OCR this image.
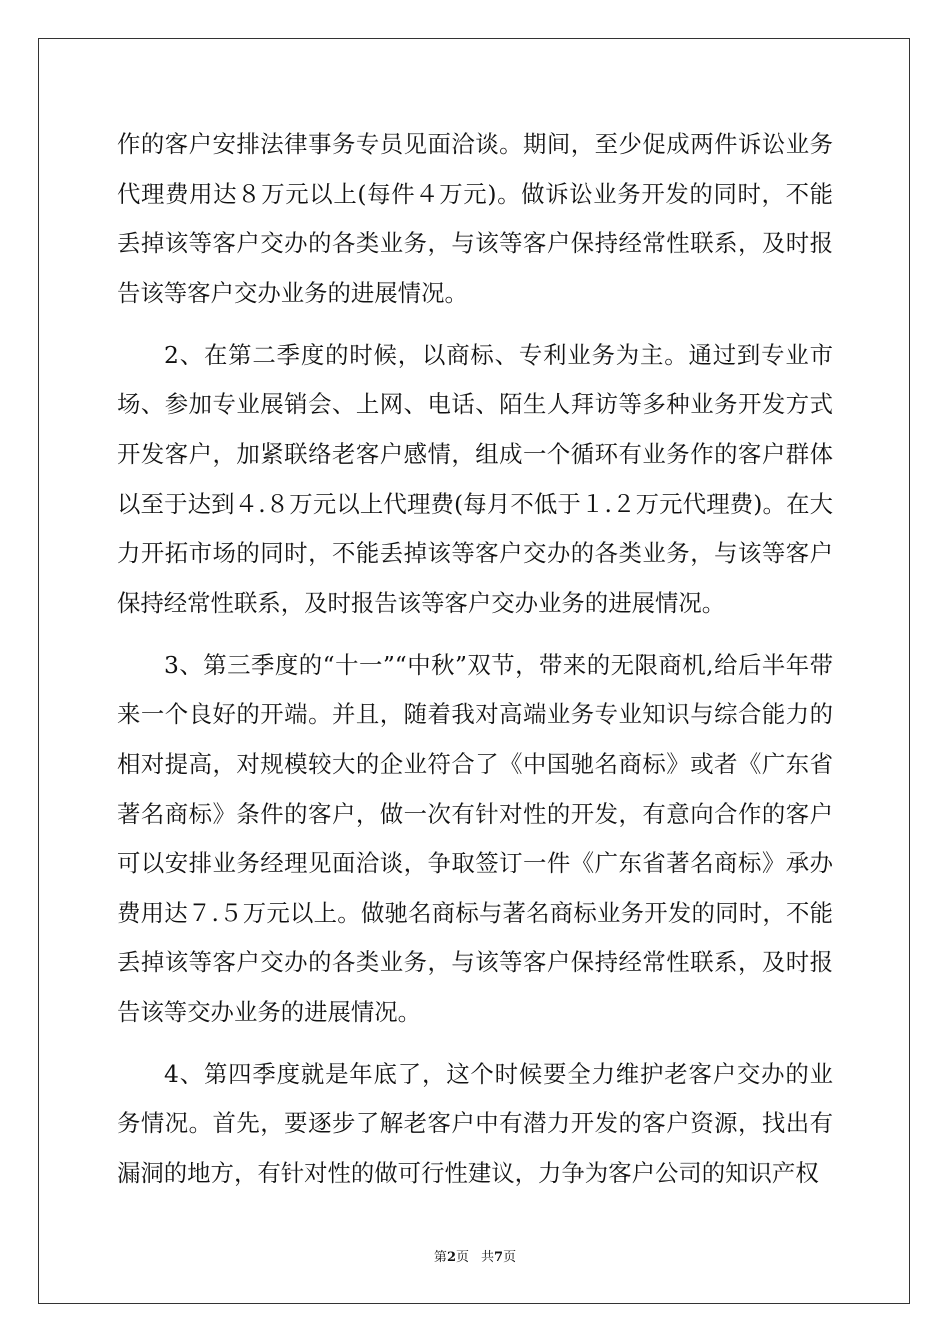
作的客户安排法律事务专员见面洽谈。期间，至少促成两件诉讼业务代理费用达８万元以上(每件４万元)。做诉讼业务开发的同时，不能丢掉该等客户交办的各类业务，与该等客户保持经常性联系，及时报告该等客户交办业务的进展情况。

2、在第二季度的时候，以商标、专利业务为主。通过到专业市场、参加专业展销会、上网、电话、陌生人拜访等多种业务开发方式开发客户，加紧联络老客户感情，组成一个循环有业务作的客户群体以至于达到４.８万元以上代理费(每月不低于１.２万元代理费)。在大力开拓市场的同时，不能丢掉该等客户交办的各类业务，与该等客户保持经常性联系，及时报告该等客户交办业务的进展情况。

3、第三季度的“十一”“中秋”双节，带来的无限商机,给后半年带来一个良好的开端。并且，随着我对高端业务专业知识与综合能力的相对提高，对规模较大的企业符合了《中国驰名商标》或者《广东省著名商标》条件的客户，做一次有针对性的开发，有意向合作的客户可以安排业务经理见面洽谈，争取签订一件《广东省著名商标》承办费用达７.５万元以上。做驰名商标与著名商标业务开发的同时，不能丢掉该等客户交办的各类业务，与该等客户保持经常性联系，及时报告该等交办业务的进展情况。

4、第四季度就是年底了，这个时候要全力维护老客户交办的业务情况。首先，要逐步了解老客户中有潜力开发的客户资源，找出有漏洞的地方，有针对性的做可行性建议，力争为客户公司的知识产权

第2页 共7页
